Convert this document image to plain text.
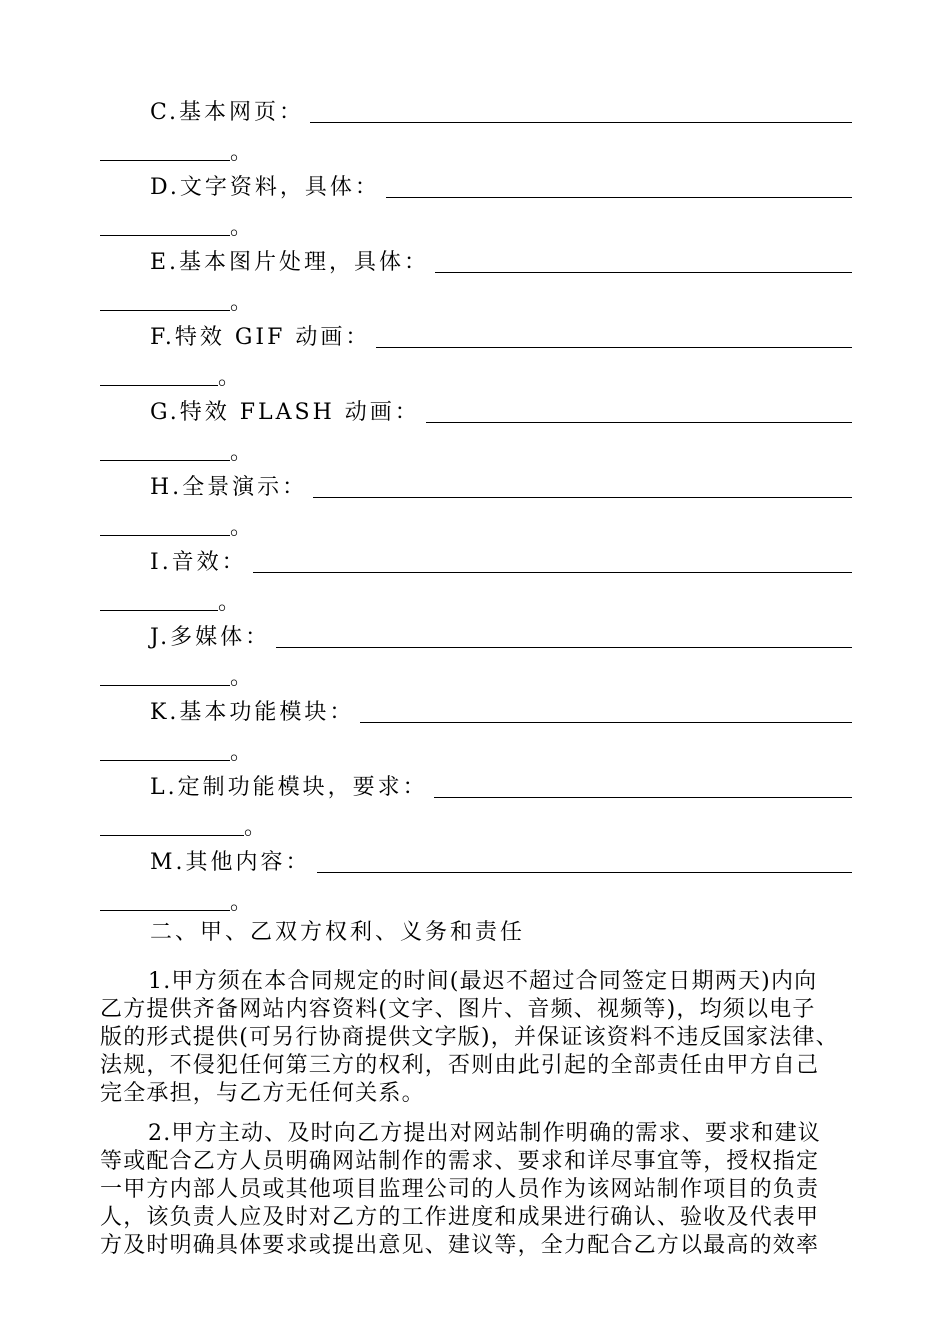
C.基本网页：
。
D.文字资料，具体：
。
E.基本图片处理，具体：
。
F.特效 GIF 动画：
。
G.特效 FLASH 动画：
。
H.全景演示：
。
I.音效：
。
J.多媒体：
。
K.基本功能模块：
。
L.定制功能模块，要求：
。
M.其他内容：
。
二、甲、乙双方权利、义务和责任
1.甲方须在本合同规定的时间(最迟不超过合同签定日期两天)内向
乙方提供齐备网站内容资料(文字、图片、音频、视频等)，均须以电子
版的形式提供(可另行协商提供文字版)，并保证该资料不违反国家法律、
法规，不侵犯任何第三方的权利，否则由此引起的全部责任由甲方自己
完全承担，与乙方无任何关系。
2.甲方主动、及时向乙方提出对网站制作明确的需求、要求和建议
等或配合乙方人员明确网站制作的需求、要求和详尽事宜等，授权指定
一甲方内部人员或其他项目监理公司的人员作为该网站制作项目的负责
人，该负责人应及时对乙方的工作进度和成果进行确认、验收及代表甲
方及时明确具体要求或提出意见、建议等，全力配合乙方以最高的效率
